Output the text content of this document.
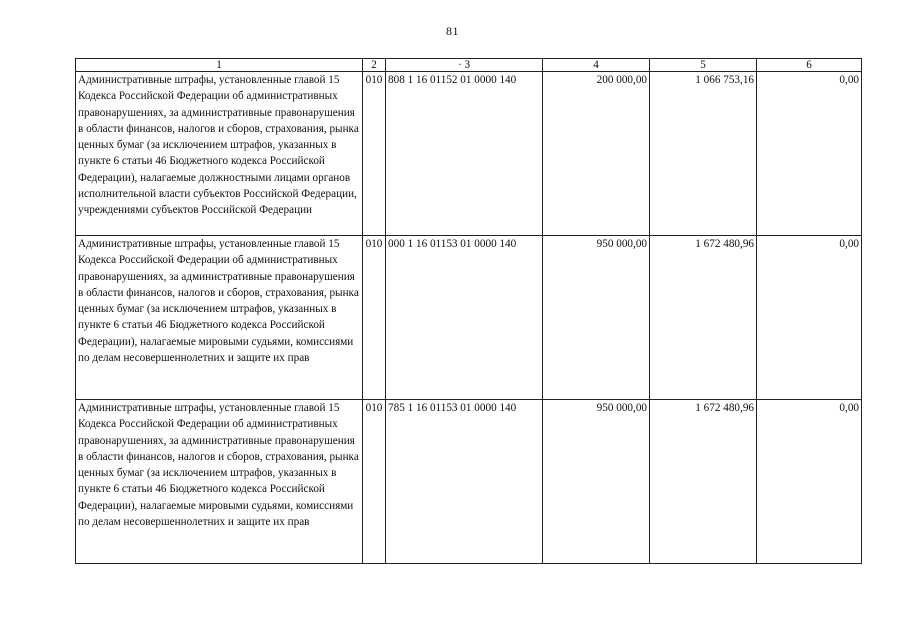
81
1	2	· 3	4	5	6
Административные штрафы, установленные главой 15 Кодекса Российской Федерации об административных правонарушениях, за административные правонарушения в области финансов, налогов и сборов, страхования, рынка ценных бумаг (за исключением штрафов, указанных в пункте 6 статьи 46 Бюджетного кодекса Российской Федерации), налагаемые должностными лицами органов исполнительной власти субъектов Российской Федерации, учреждениями субъектов Российской Федерации	010	808 1 16 01152 01 0000 140	200 000,00	1 066 753,16	0,00
Административные штрафы, установленные главой 15 Кодекса Российской Федерации об административных правонарушениях, за административные правонарушения в области финансов, налогов и сборов, страхования, рынка ценных бумаг (за исключением штрафов, указанных в пункте 6 статьи 46 Бюджетного кодекса Российской Федерации), налагаемые мировыми судьями, комиссиями по делам несовершеннолетних и защите их прав	010	000 1 16 01153 01 0000 140	950 000,00	1 672 480,96	0,00
Административные штрафы, установленные главой 15 Кодекса Российской Федерации об административных правонарушениях, за административные правонарушения в области финансов, налогов и сборов, страхования, рынка ценных бумаг (за исключением штрафов, указанных в пункте 6 статьи 46 Бюджетного кодекса Российской Федерации), налагаемые мировыми судьями, комиссиями по делам несовершеннолетних и защите их прав	010	785 1 16 01153 01 0000 140	950 000,00	1 672 480,96	0,00
